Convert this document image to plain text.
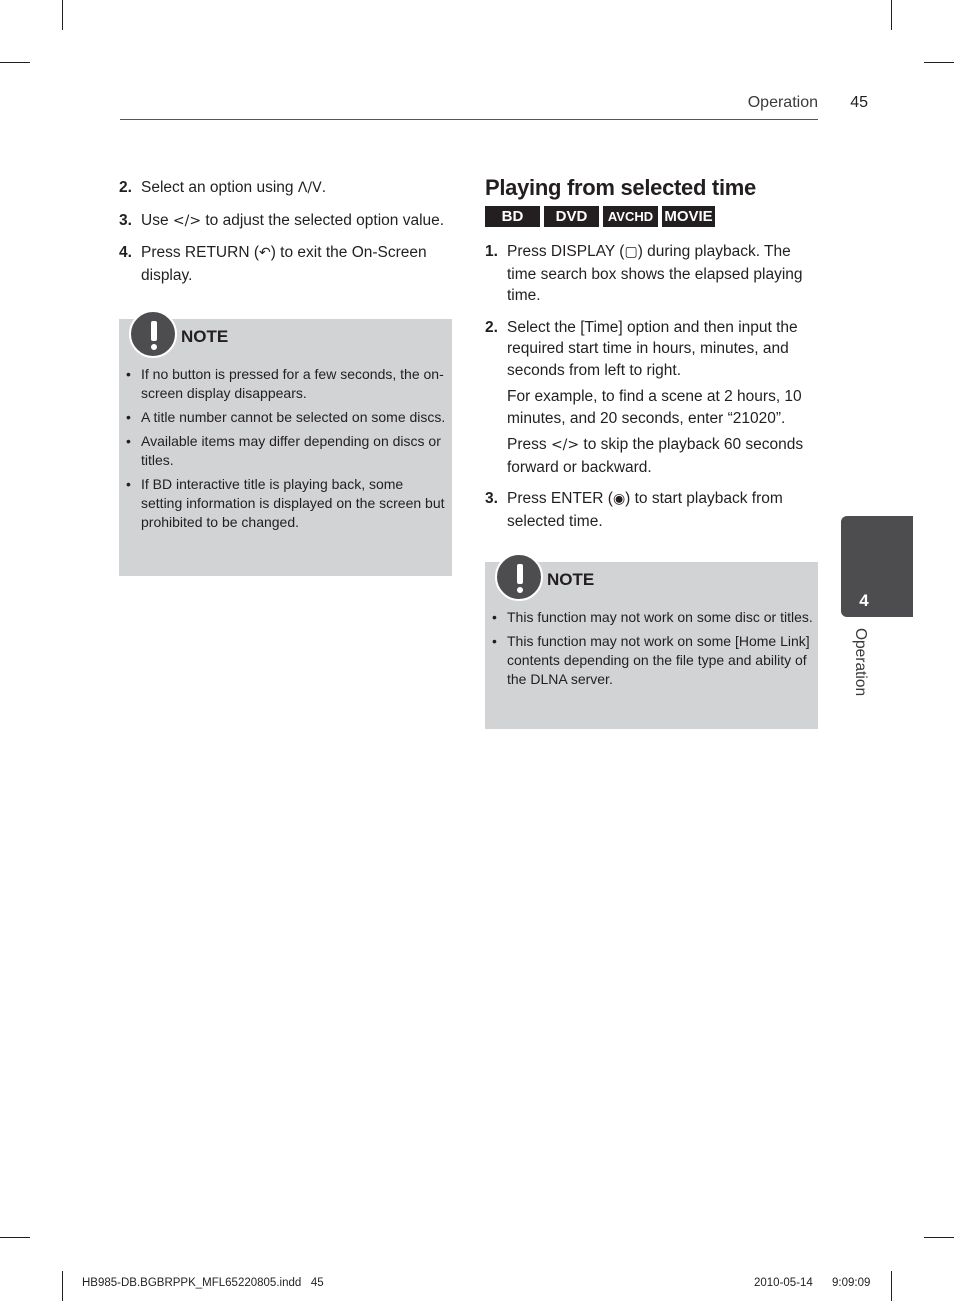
Operation 45
2. Select an option using Λ/V.

3. Use </> to adjust the selected option value.

4. Press RETURN (↶) to exit the On-Screen display.

NOTE
• If no button is pressed for a few seconds, the on-screen display disappears.
• A title number cannot be selected on some discs.
• Available items may differ depending on discs or titles.
• If BD interactive title is playing back, some setting information is displayed on the screen but prohibited to be changed.
Playing from selected time
BD	DVD	AVCHD MOVIE
1. Press DISPLAY (▢) during playback. The time search box shows the elapsed playing time.

2. Select the [Time] option and then input the required start time in hours, minutes, and seconds from left to right.

For example, to find a scene at 2 hours, 10 minutes, and 20 seconds, enter “21020”.

Press </> to skip the playback 60 seconds forward or backward.

3. Press ENTER (◉) to start playback from selected time.

NOTE
• This function may not work on some disc or titles.
• This function may not work on some [Home Link] contents depending on the file type and ability of the DLNA server.
4
Operation
HB985-DB.BGBRPPK_MFL65220805.indd   45	2010-05-14      9:09:09
